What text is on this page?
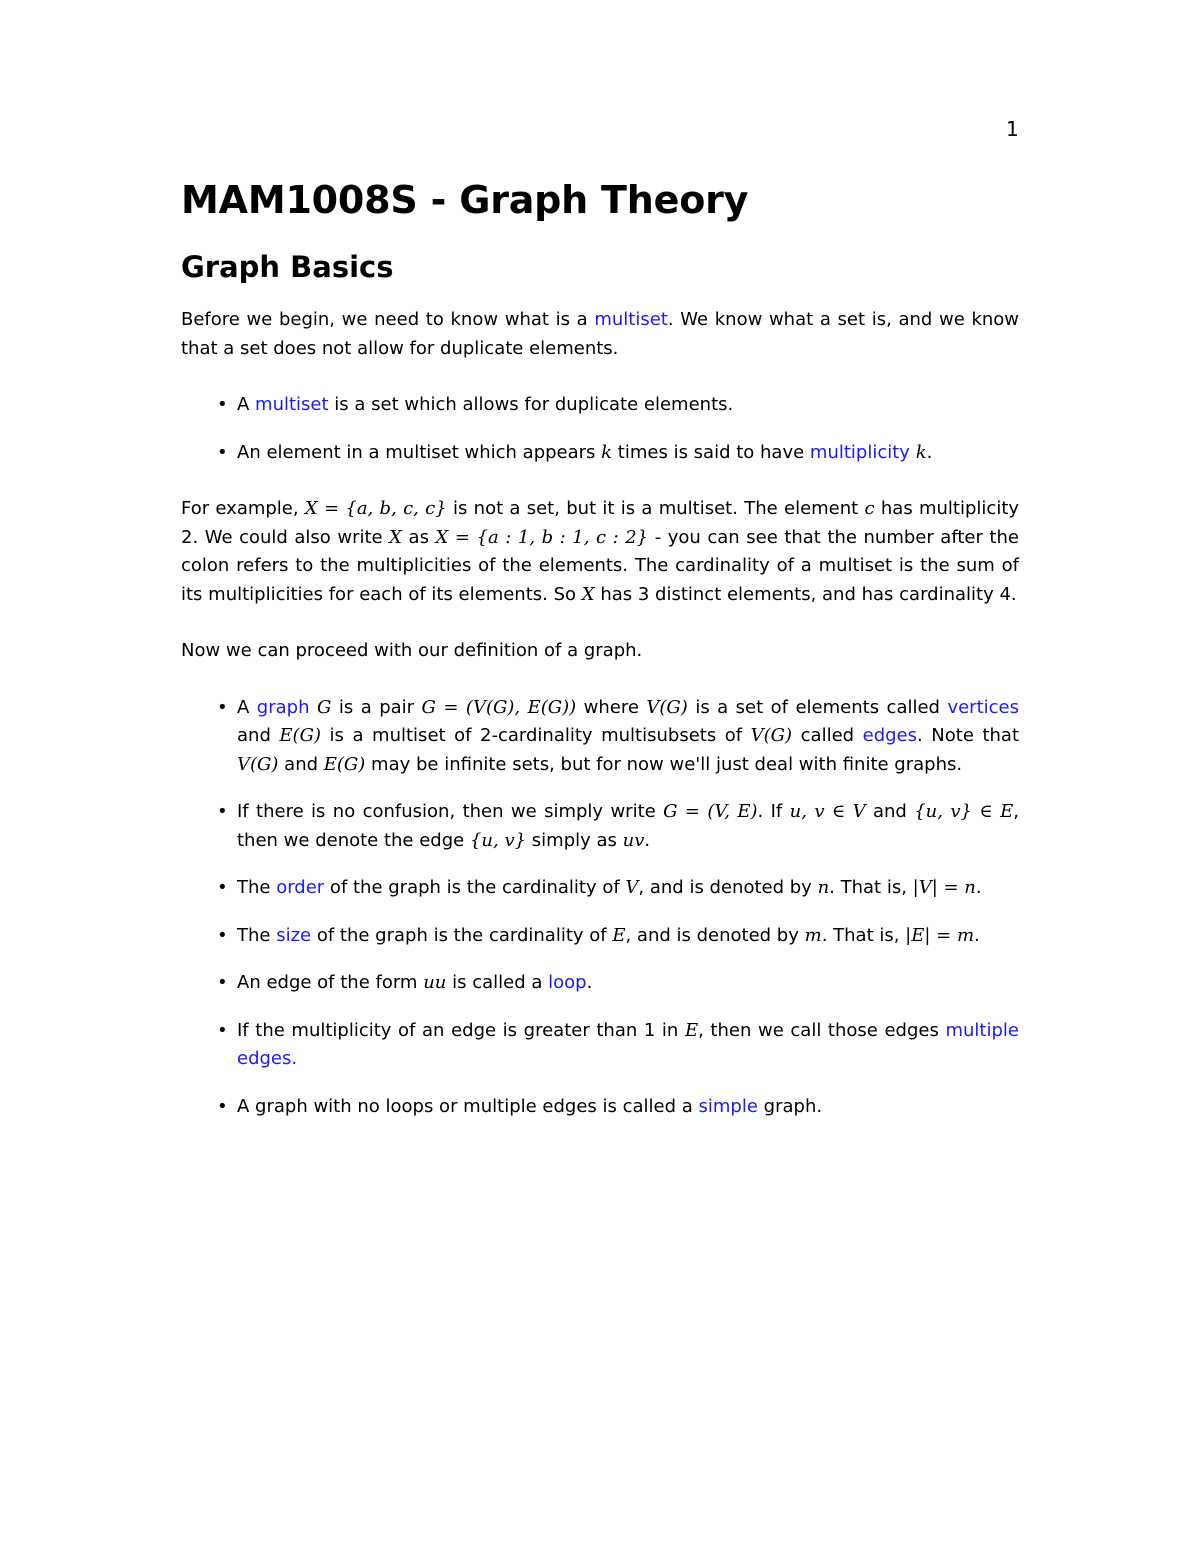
1
MAM1008S - Graph Theory
Graph Basics

Before we begin, we need to know what is a multiset. We know what a set is, and we know that a set does not allow for duplicate elements.

• A multiset is a set which allows for duplicate elements.
• An element in a multiset which appears k times is said to have multiplicity k.

For example, X = {a, b, c, c} is not a set, but it is a multiset. The element c has multiplicity 2. We could also write X as X = {a : 1, b : 1, c : 2} - you can see that the number after the colon refers to the multiplicities of the elements. The cardinality of a multiset is the sum of its multiplicities for each of its elements. So X has 3 distinct elements, and has cardinality 4.

Now we can proceed with our definition of a graph.

• A graph G is a pair G = (V(G), E(G)) where V(G) is a set of elements called vertices and E(G) is a multiset of 2-cardinality multisubsets of V(G) called edges. Note that V(G) and E(G) may be infinite sets, but for now we'll just deal with finite graphs.
• If there is no confusion, then we simply write G = (V, E). If u, v ∈ V and {u, v} ∈ E, then we denote the edge {u, v} simply as uv.
• The order of the graph is the cardinality of V, and is denoted by n. That is, |V| = n.
• The size of the graph is the cardinality of E, and is denoted by m. That is, |E| = m.
• An edge of the form uu is called a loop.
• If the multiplicity of an edge is greater than 1 in E, then we call those edges multiple edges.
• A graph with no loops or multiple edges is called a simple graph.
